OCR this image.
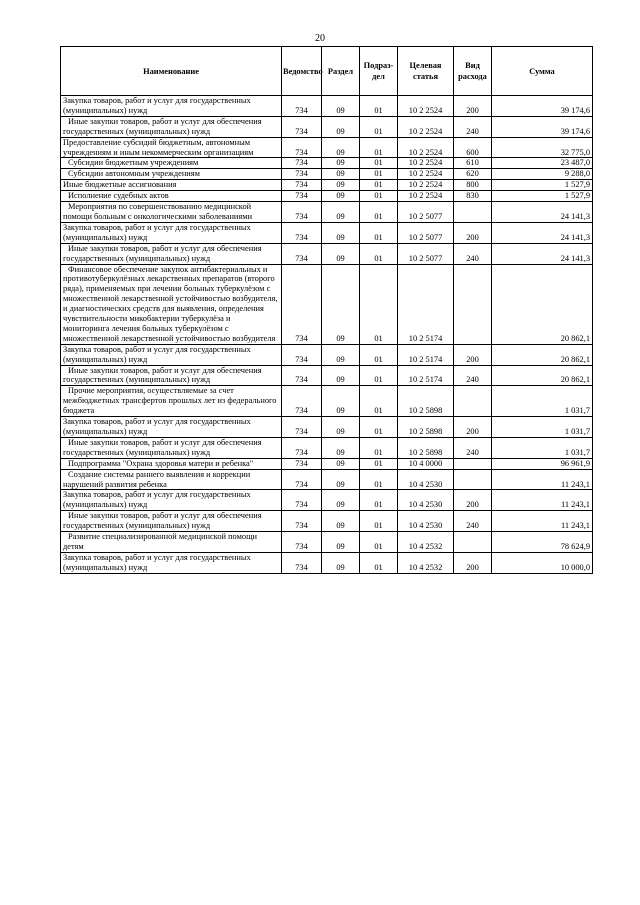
20
Наименование	Ведомство	Раздел	Подраз-дел	Целевая статья	Вид расхода	Сумма
Закупка товаров, работ и услуг для государственных (муниципальных) нужд	734	09	01	10 2 2524	200	39 174,6
Иные закупки товаров, работ и услуг для обеспечения государственных (муниципальных) нужд	734	09	01	10 2 2524	240	39 174,6
Предоставление субсидий бюджетным, автономным учреждениям и иным некоммерческим организациям	734	09	01	10 2 2524	600	32 775,0
Субсидии бюджетным учреждениям	734	09	01	10 2 2524	610	23 487,0
Субсидии автономным учреждениям	734	09	01	10 2 2524	620	9 288,0
Иные бюджетные ассигнования	734	09	01	10 2 2524	800	1 527,9
Исполнение судебных актов	734	09	01	10 2 2524	830	1 527,9
Мероприятия по совершенствованию медицинской помощи больным с онкологическими заболеваниями	734	09	01	10 2 5077		24 141,3
Закупка товаров, работ и услуг для государственных (муниципальных) нужд	734	09	01	10 2 5077	200	24 141,3
Иные закупки товаров, работ и услуг для обеспечения государственных (муниципальных) нужд	734	09	01	10 2 5077	240	24 141,3
Финансовое обеспечение закупок антибактериальных и противотуберкулёзных лекарственных препаратов (второго ряда), применяемых при лечении больных туберкулёзом с множественной лекарственной устойчивостью возбудителя, и диагностических средств для выявления, определения чувствительности микобактерии туберкулёза и мониторинга лечения больных туберкулёзом с множественной лекарственной устойчивостью возбудителя	734	09	01	10 2 5174		20 862,1
Закупка товаров, работ и услуг для государственных (муниципальных) нужд	734	09	01	10 2 5174	200	20 862,1
Иные закупки товаров, работ и услуг для обеспечения государственных (муниципальных) нужд	734	09	01	10 2 5174	240	20 862,1
Прочие мероприятия, осуществляемые за счет межбюджетных трансфертов прошлых лет из федерального бюджета	734	09	01	10 2 5898		1 031,7
Закупка товаров, работ и услуг для государственных (муниципальных) нужд	734	09	01	10 2 5898	200	1 031,7
Иные закупки товаров, работ и услуг для обеспечения государственных (муниципальных) нужд	734	09	01	10 2 5898	240	1 031,7
Подпрограмма "Охрана здоровья матери и ребенка"	734	09	01	10 4 0000		96 961,9
Создание системы раннего выявления и коррекции нарушений развития ребенка	734	09	01	10 4 2530		11 243,1
Закупка товаров, работ и услуг для государственных (муниципальных) нужд	734	09	01	10 4 2530	200	11 243,1
Иные закупки товаров, работ и услуг для обеспечения государственных (муниципальных) нужд	734	09	01	10 4 2530	240	11 243,1
Развитие специализированной медицинской помощи детям	734	09	01	10 4 2532		78 624,9
Закупка товаров, работ и услуг для государственных (муниципальных) нужд	734	09	01	10 4 2532	200	10 000,0
